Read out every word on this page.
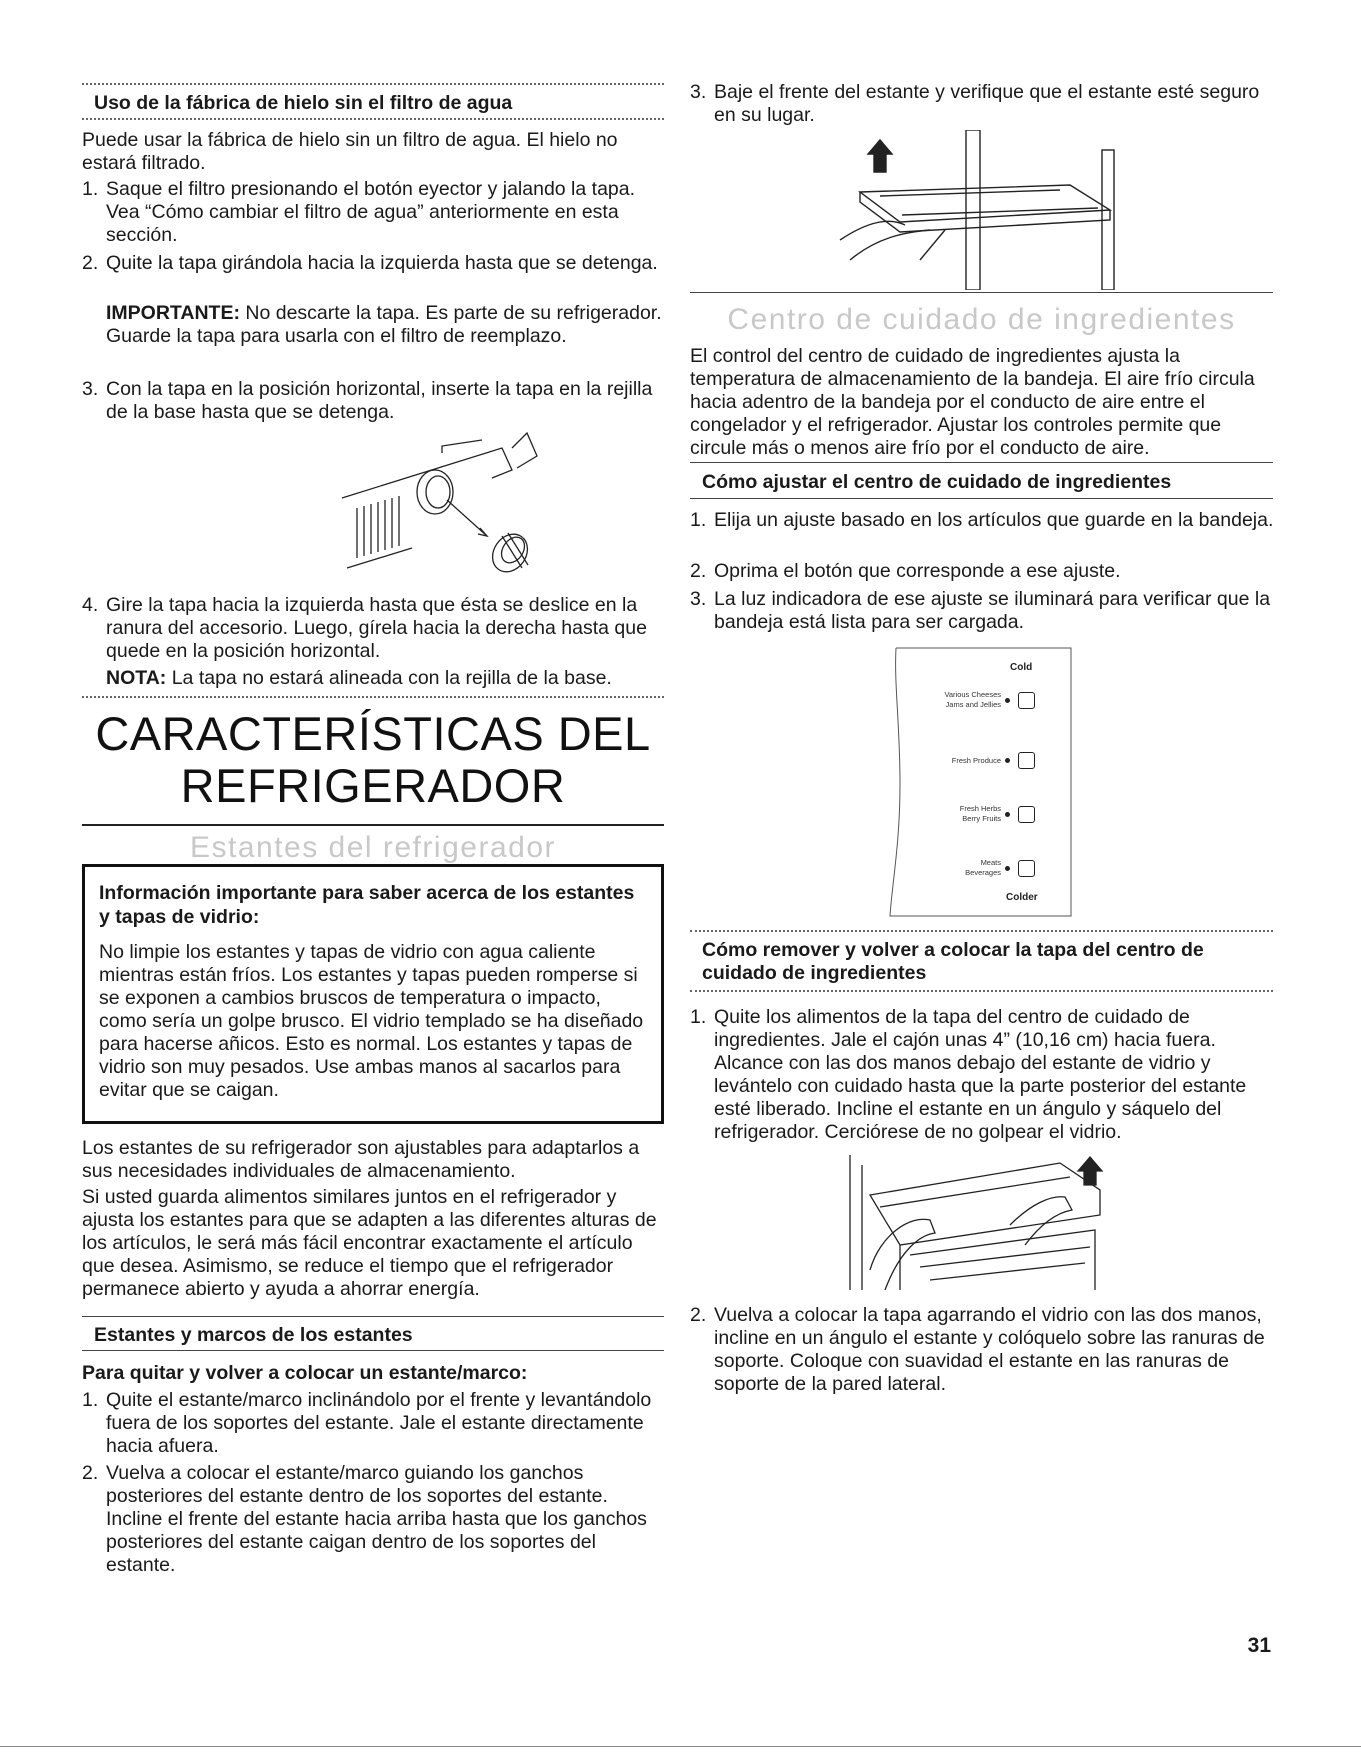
Uso de la fábrica de hielo sin el filtro de agua

Puede usar la fábrica de hielo sin un filtro de agua. El hielo no estará filtrado.

1. Saque el filtro presionando el botón eyector y jalando la tapa. Vea “Cómo cambiar el filtro de agua” anteriormente en esta sección.
2. Quite la tapa girándola hacia la izquierda hasta que se detenga.

IMPORTANTE: No descarte la tapa. Es parte de su refrigerador. Guarde la tapa para usarla con el filtro de reemplazo.

3. Con la tapa en la posición horizontal, inserte la tapa en la rejilla de la base hasta que se detenga.
4. Gire la tapa hacia la izquierda hasta que ésta se deslice en la ranura del accesorio. Luego, gírela hacia la derecha hasta que quede en la posición horizontal.

NOTA: La tapa no estará alineada con la rejilla de la base.

CARACTERÍSTICAS DEL
REFRIGERADOR
Estantes del refrigerador

Información importante para saber acerca de los estantes y tapas de vidrio:

No limpie los estantes y tapas de vidrio con agua caliente mientras están fríos. Los estantes y tapas pueden romperse si se exponen a cambios bruscos de temperatura o impacto, como sería un golpe brusco. El vidrio templado se ha diseñado para hacerse añicos. Esto es normal. Los estantes y tapas de vidrio son muy pesados. Use ambas manos al sacarlos para evitar que se caigan.

Los estantes de su refrigerador son ajustables para adaptarlos a sus necesidades individuales de almacenamiento.

Si usted guarda alimentos similares juntos en el refrigerador y ajusta los estantes para que se adapten a las diferentes alturas de los artículos, le será más fácil encontrar exactamente el artículo que desea. Asimismo, se reduce el tiempo que el refrigerador permanece abierto y ayuda a ahorrar energía.

Estantes y marcos de los estantes
Para quitar y volver a colocar un estante/marco:
1. Quite el estante/marco inclinándolo por el frente y levantándolo fuera de los soportes del estante. Jale el estante directamente hacia afuera.
2. Vuelva a colocar el estante/marco guiando los ganchos posteriores del estante dentro de los soportes del estante. Incline el frente del estante hacia arriba hasta que los ganchos posteriores del estante caigan dentro de los soportes del estante.
3. Baje el frente del estante y verifique que el estante esté seguro en su lugar.
Centro de cuidado de ingredientes

El control del centro de cuidado de ingredientes ajusta la temperatura de almacenamiento de la bandeja. El aire frío circula hacia adentro de la bandeja por el conducto de aire entre el congelador y el refrigerador. Ajustar los controles permite que circule más o menos aire frío por el conducto de aire.

Cómo ajustar el centro de cuidado de ingredientes
1. Elija un ajuste basado en los artículos que guarde en la bandeja.
2. Oprima el botón que corresponde a ese ajuste.
3. La luz indicadora de ese ajuste se iluminará para verificar que la bandeja está lista para ser cargada.
Cold
Various Cheeses
Jams and Jellies
Fresh Produce
Fresh Herbs
Berry Fruits
Meats
Beverages
Colder
Cómo remover y volver a colocar la tapa del centro de cuidado de ingredientes
1. Quite los alimentos de la tapa del centro de cuidado de ingredientes. Jale el cajón unas 4” (10,16 cm) hacia fuera. Alcance con las dos manos debajo del estante de vidrio y levántelo con cuidado hasta que la parte posterior del estante esté liberado. Incline el estante en un ángulo y sáquelo del refrigerador. Cerciórese de no golpear el vidrio.
2. Vuelva a colocar la tapa agarrando el vidrio con las dos manos, incline en un ángulo el estante y colóquelo sobre las ranuras de soporte. Coloque con suavidad el estante en las ranuras de soporte de la pared lateral.
31
